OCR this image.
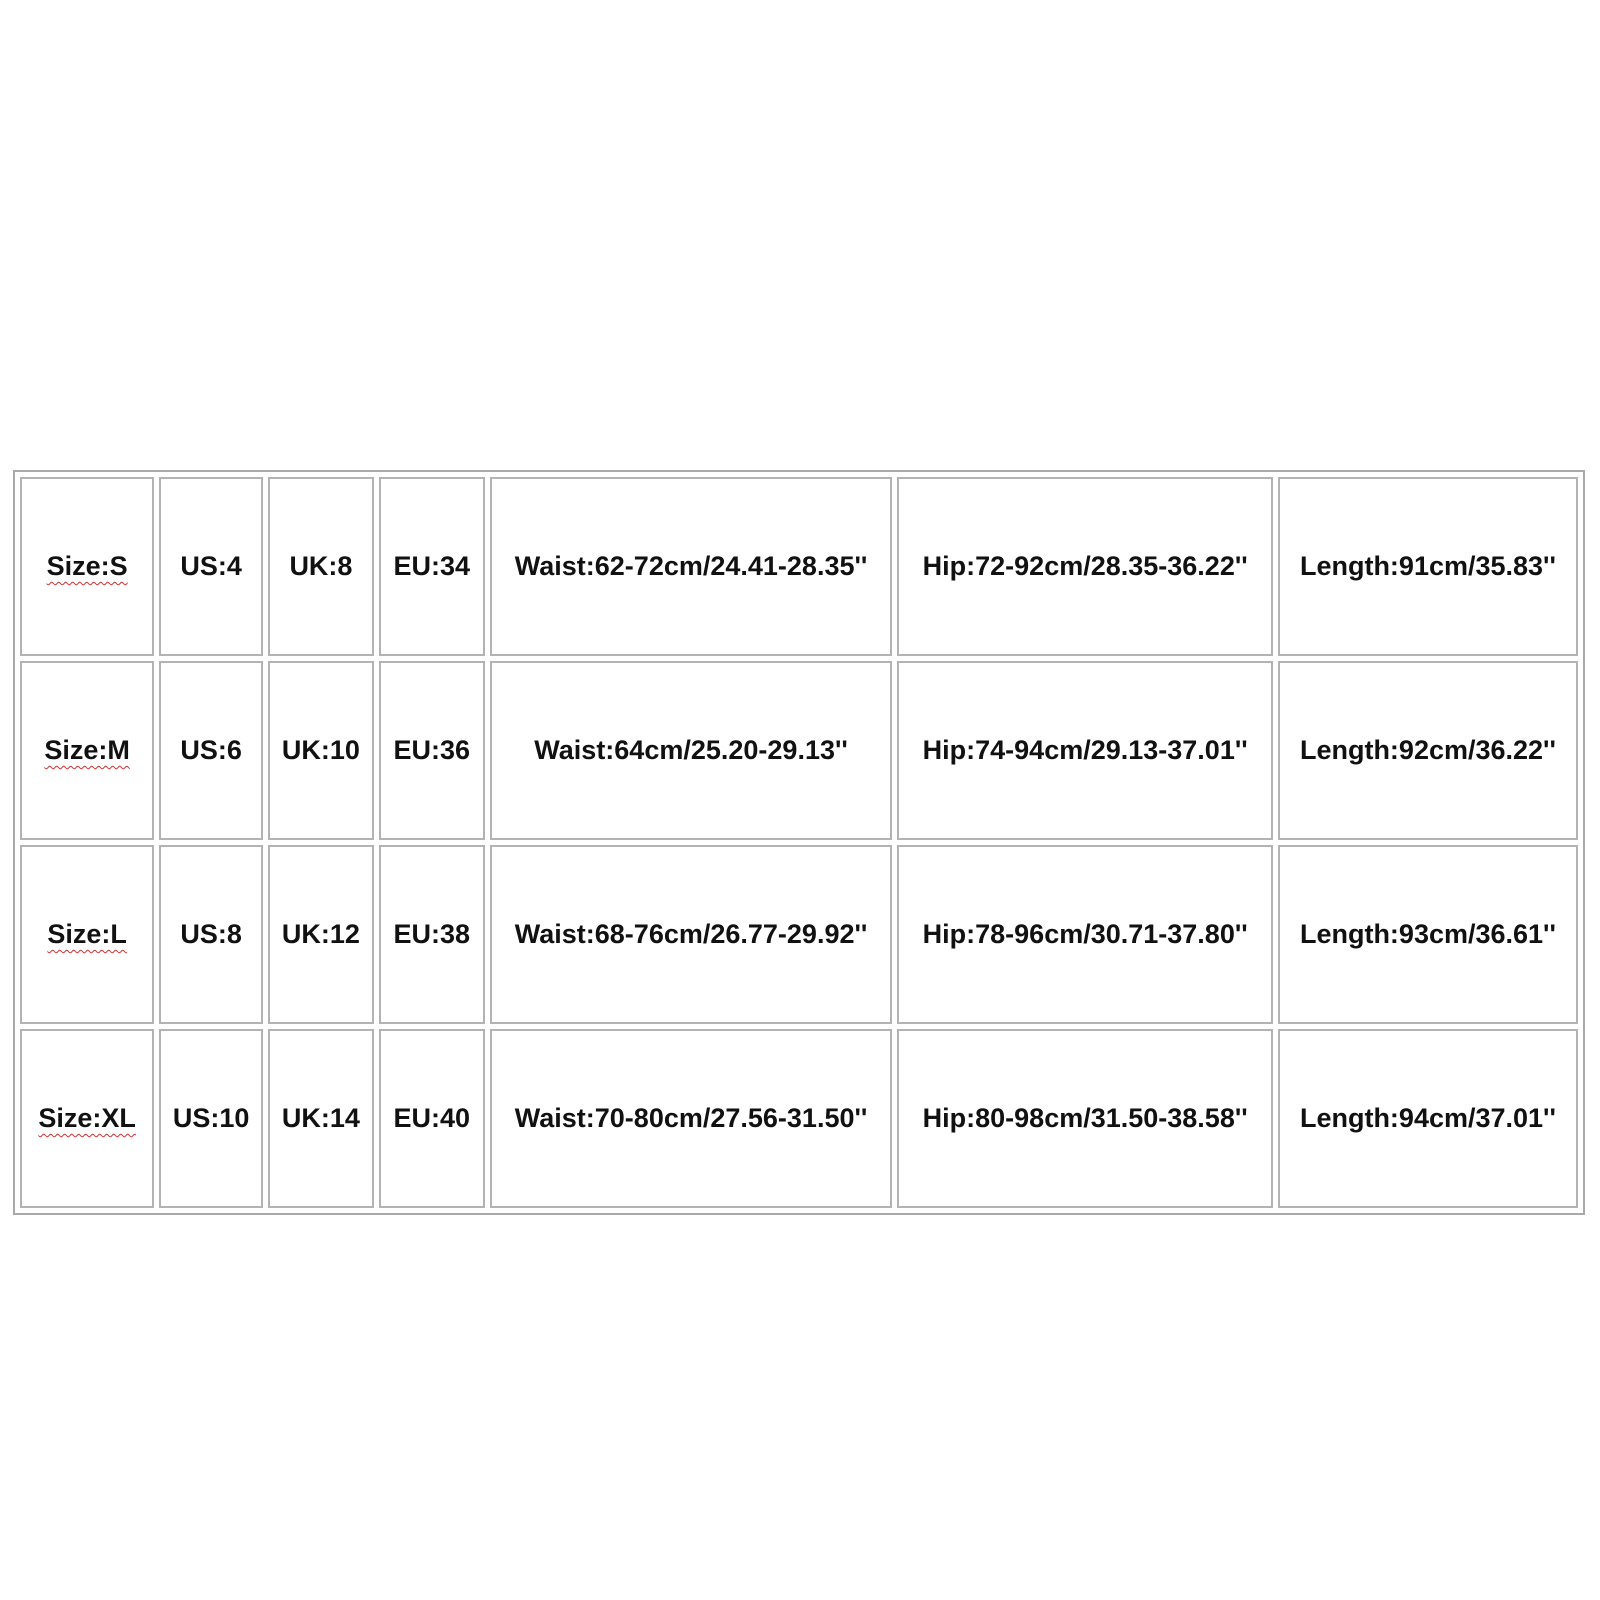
Size:S	US:4	UK:8	EU:34	Waist:62-72cm/24.41-28.35''	Hip:72-92cm/28.35-36.22''	Length:91cm/35.83''
Size:M	US:6	UK:10	EU:36	Waist:64cm/25.20-29.13''	Hip:74-94cm/29.13-37.01''	Length:92cm/36.22''
Size:L	US:8	UK:12	EU:38	Waist:68-76cm/26.77-29.92''	Hip:78-96cm/30.71-37.80''	Length:93cm/36.61''
Size:XL	US:10	UK:14	EU:40	Waist:70-80cm/27.56-31.50''	Hip:80-98cm/31.50-38.58''	Length:94cm/37.01''
